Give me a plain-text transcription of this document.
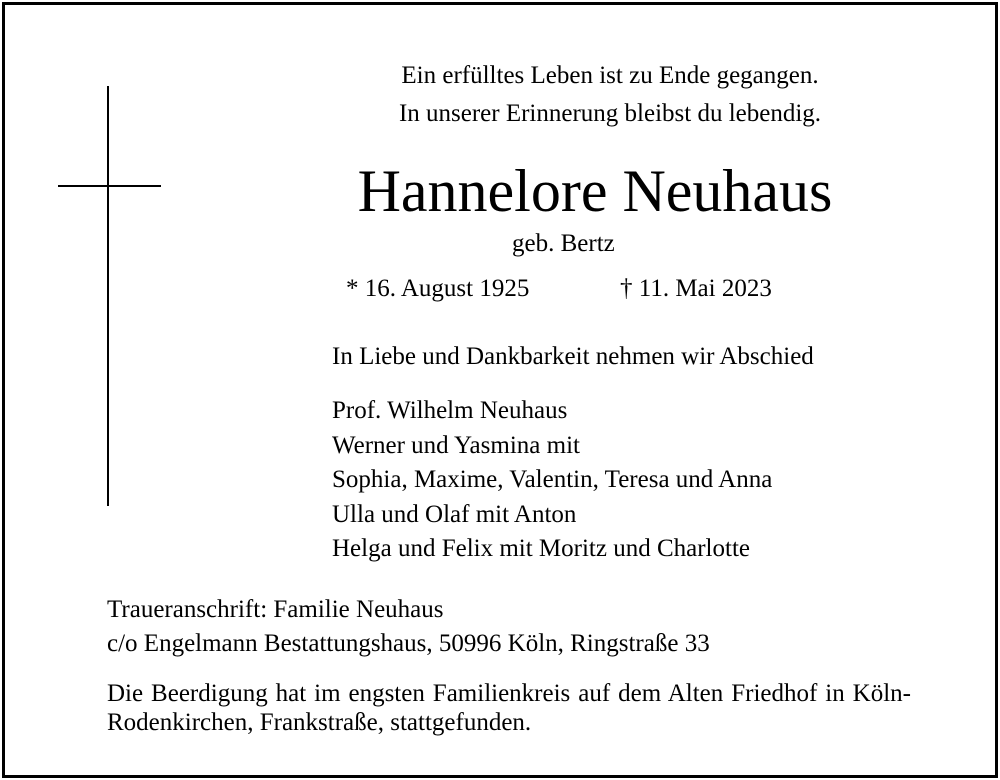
Ein erfülltes Leben ist zu Ende gegangen.
In unserer Erinnerung bleibst du lebendig.
Hannelore Neuhaus
geb. Bertz
* 16. August 1925	† 11. Mai 2023
In Liebe und Dankbarkeit nehmen wir Abschied
Prof. Wilhelm Neuhaus
Werner und Yasmina mit
Sophia, Maxime, Valentin, Teresa und Anna
Ulla und Olaf mit Anton
Helga und Felix mit Moritz und Charlotte
Traueranschrift: Familie Neuhaus
c/o Engelmann Bestattungshaus, 50996 Köln, Ringstraße 33
Die Beerdigung hat im engsten Familienkreis auf dem Alten Friedhof in Köln-Rodenkirchen, Frankstraße, stattgefunden.
